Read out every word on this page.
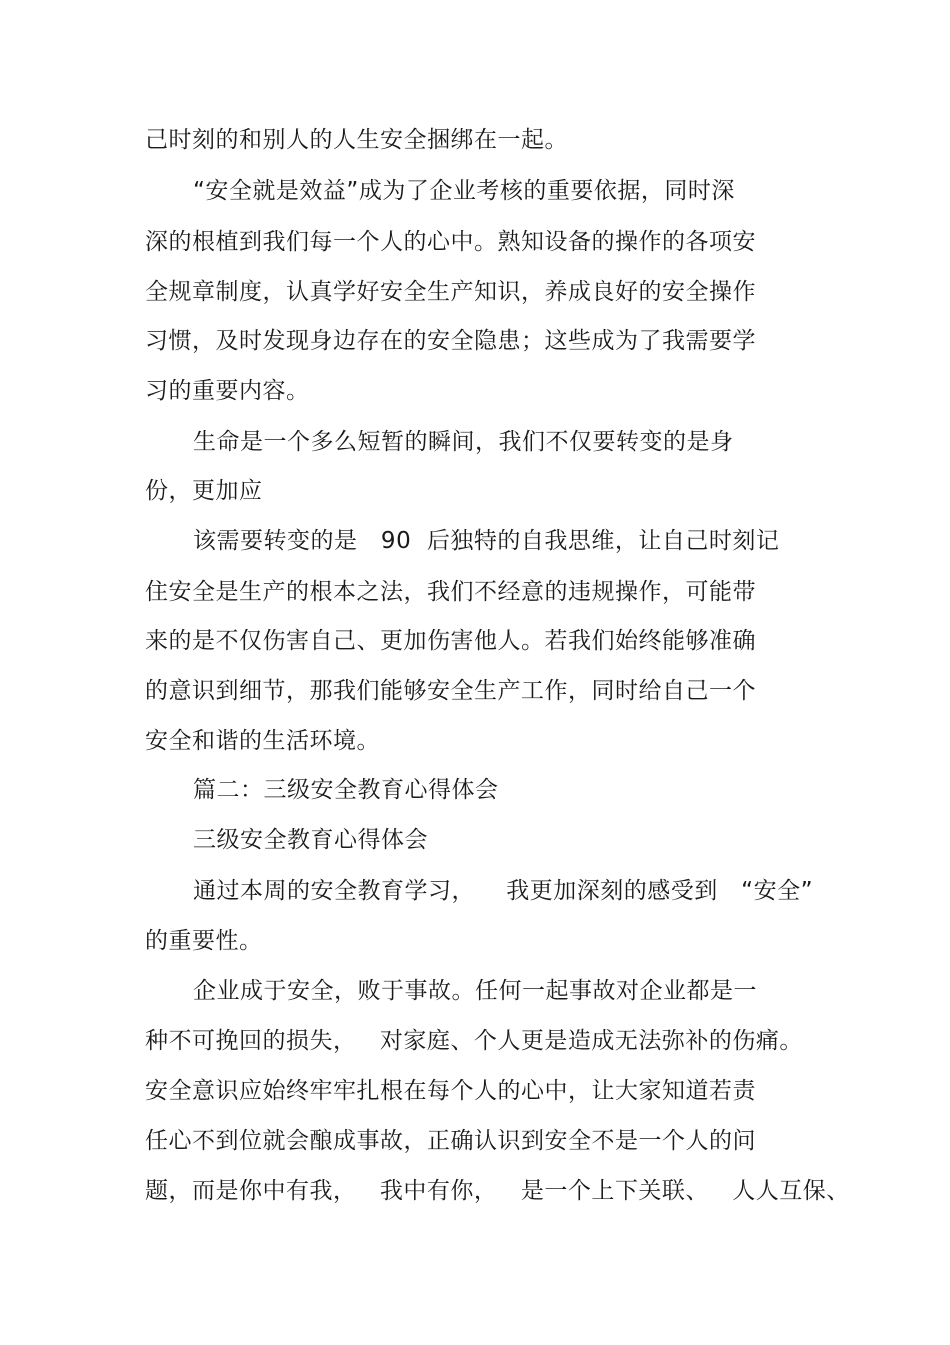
己时刻的和别人的人生安全捆绑在一起。
“安全就是效益”成为了企业考核的重要依据，同时深
深的根植到我们每一个人的心中。熟知设备的操作的各项安
全规章制度，认真学好安全生产知识，养成良好的安全操作
习惯，及时发现身边存在的安全隐患；这些成为了我需要学
习的重要内容。
生命是一个多么短暂的瞬间，我们不仅要转变的是身
份，更加应
该需要转变的是   90  后独特的自我思维，让自己时刻记
住安全是生产的根本之法，我们不经意的违规操作，可能带
来的是不仅伤害自己、更加伤害他人。若我们始终能够准确
的意识到细节，那我们能够安全生产工作，同时给自己一个
安全和谐的生活环境。
篇二：三级安全教育心得体会
三级安全教育心得体会
通过本周的安全教育学习，    我更加深刻的感受到   “安全”
的重要性。
企业成于安全，败于事故。任何一起事故对企业都是一
种不可挽回的损失，   对家庭、个人更是造成无法弥补的伤痛。
安全意识应始终牢牢扎根在每个人的心中，让大家知道若责
任心不到位就会酿成事故，正确认识到安全不是一个人的问
题，而是你中有我，   我中有你，   是一个上下关联、   人人互保、
